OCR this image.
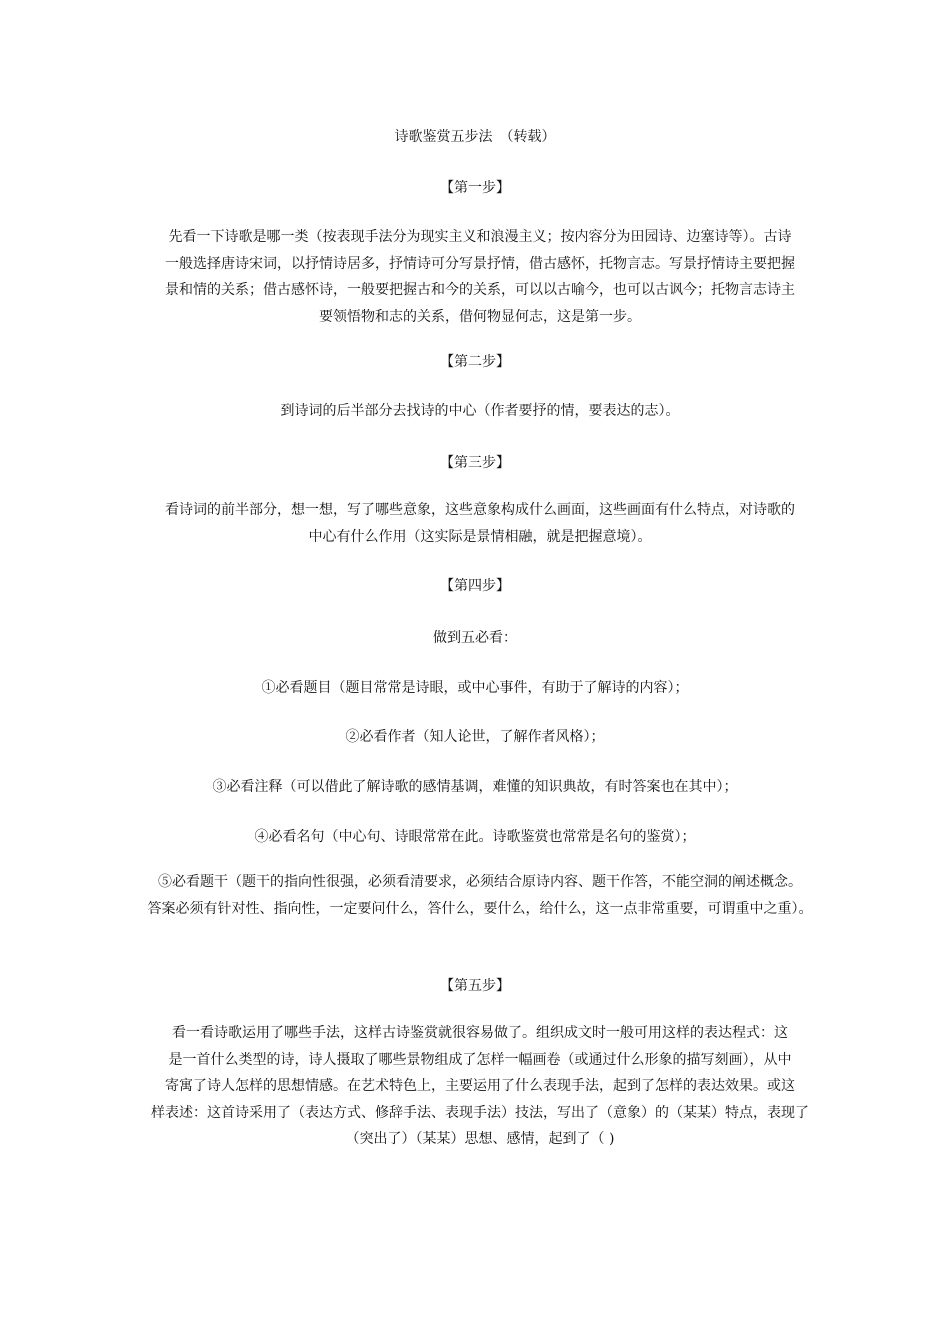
诗歌鉴赏五步法　（转载）
【第一步】
先看一下诗歌是哪一类（按表现手法分为现实主义和浪漫主义；按内容分为田园诗、边塞诗等）。古诗
一般选择唐诗宋词，以抒情诗居多，抒情诗可分写景抒情，借古感怀，托物言志。写景抒情诗主要把握
景和情的关系；借古感怀诗，一般要把握古和今的关系，可以以古喻今，也可以古讽今；托物言志诗主
要领悟物和志的关系，借何物显何志，这是第一步。
【第二步】
到诗词的后半部分去找诗的中心（作者要抒的情，要表达的志）。
【第三步】
看诗词的前半部分，想一想，写了哪些意象，这些意象构成什么画面，这些画面有什么特点，对诗歌的
中心有什么作用（这实际是景情相融，就是把握意境）。
【第四步】
做到五必看：
①必看题目（题目常常是诗眼，或中心事件，有助于了解诗的内容）；
②必看作者（知人论世，了解作者风格）；
③必看注释（可以借此了解诗歌的感情基调，难懂的知识典故，有时答案也在其中）；
④必看名句（中心句、诗眼常常在此。诗歌鉴赏也常常是名句的鉴赏）；
⑤必看题干（题干的指向性很强，必须看清要求，必须结合原诗内容、题干作答，不能空洞的阐述概念。
答案必须有针对性、指向性，一定要问什么，答什么，要什么，给什么，这一点非常重要，可谓重中之重）。
【第五步】
看一看诗歌运用了哪些手法，这样古诗鉴赏就很容易做了。组织成文时一般可用这样的表达程式：这
是一首什么类型的诗，诗人摄取了哪些景物组成了怎样一幅画卷（或通过什么形象的描写刻画），从中
寄寓了诗人怎样的思想情感。在艺术特色上，主要运用了什么表现手法，起到了怎样的表达效果。或这
样表述：这首诗采用了（表达方式、修辞手法、表现手法）技法，写出了（意象）的（某某）特点，表现了
（突出了）（某某）思想、感情，起到了（ )
